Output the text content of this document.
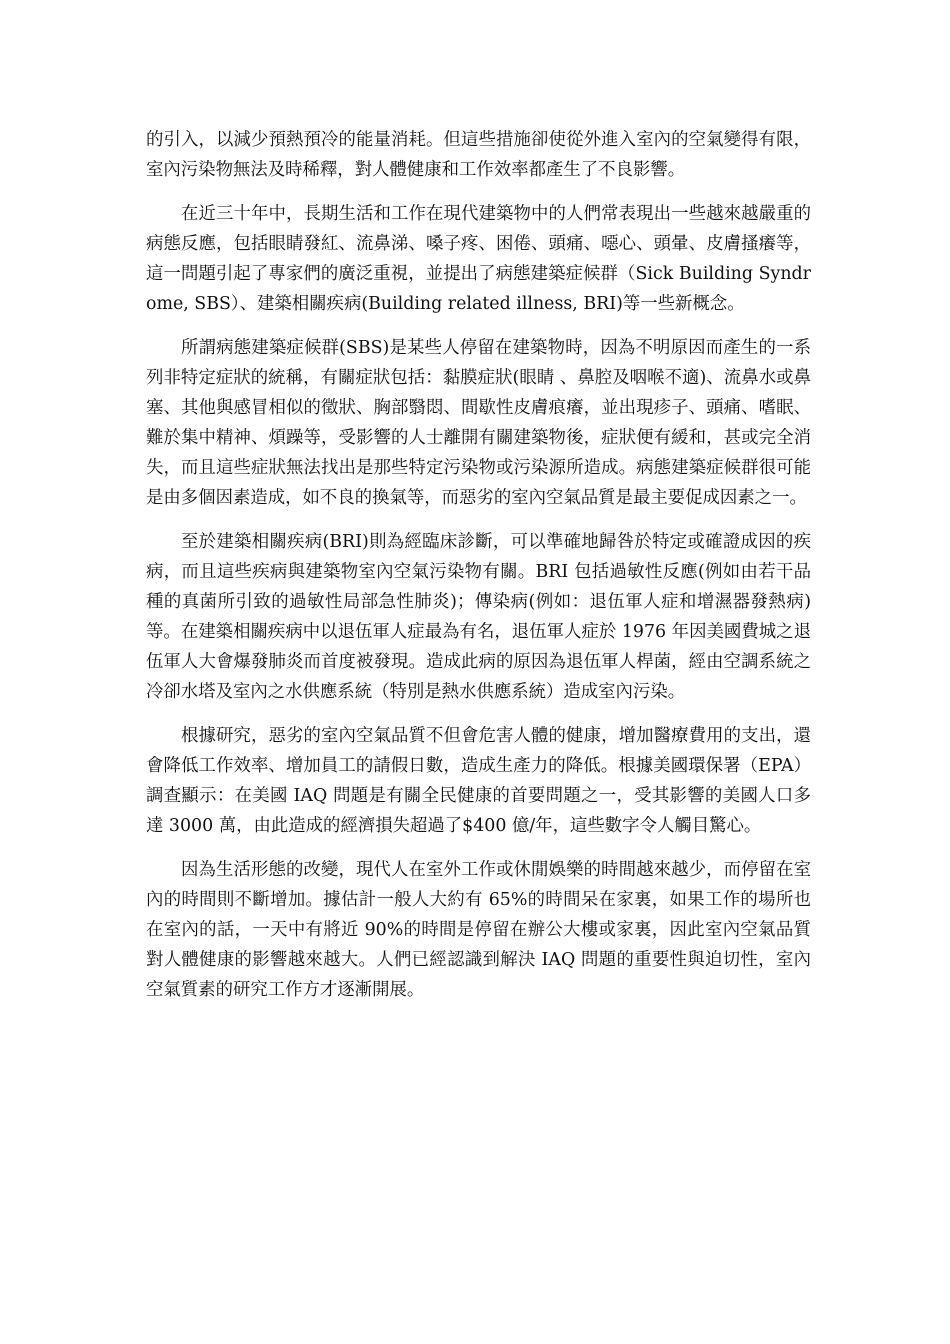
的引入，以減少預熱預冷的能量消耗。但這些措施卻使從外進入室內的空氣變得有限，室內污染物無法及時稀釋，對人體健康和工作效率都產生了不良影響。

在近三十年中，長期生活和工作在現代建築物中的人們常表現出一些越來越嚴重的病態反應，包括眼睛發紅、流鼻涕、嗓子疼、困倦、頭痛、噁心、頭暈、皮膚搔癢等，這一問題引起了專家們的廣泛重視，並提出了病態建築症候群（Sick Building Syndrome, SBS）、建築相關疾病(Building related illness, BRI)等一些新概念。

所謂病態建築症候群(SBS)是某些人停留在建築物時，因為不明原因而產生的一系列非特定症狀的統稱，有關症狀包括：黏膜症狀(眼睛 、鼻腔及咽喉不適)、流鼻水或鼻塞、其他與感冒相似的徵狀、胸部翳悶、間歇性皮膚痕癢，並出現疹子、頭痛、嗜眠、難於集中精神、煩躁等，受影響的人士離開有關建築物後，症狀便有緩和，甚或完全消失，而且這些症狀無法找出是那些特定污染物或污染源所造成。病態建築症候群很可能是由多個因素造成，如不良的換氣等，而惡劣的室內空氣品質是最主要促成因素之一。

至於建築相關疾病(BRI)則為經臨床診斷，可以準確地歸咎於特定或確證成因的疾病，而且這些疾病與建築物室內空氣污染物有關。BRI 包括過敏性反應(例如由若干品種的真菌所引致的過敏性局部急性肺炎)；傳染病(例如：退伍軍人症和增濕器發熱病)等。在建築相關疾病中以退伍軍人症最為有名，退伍軍人症於 1976 年因美國費城之退伍軍人大會爆發肺炎而首度被發現。造成此病的原因為退伍軍人桿菌，經由空調系統之冷卻水塔及室內之水供應系統（特別是熱水供應系統）造成室內污染。

根據研究，惡劣的室內空氣品質不但會危害人體的健康，增加醫療費用的支出，還會降低工作效率、增加員工的請假日數，造成生產力的降低。根據美國環保署（EPA）調查顯示：在美國 IAQ 問題是有關全民健康的首要問題之一，受其影響的美國人口多達 3000 萬，由此造成的經濟損失超過了$400 億/年，這些數字令人觸目驚心。

因為生活形態的改變，現代人在室外工作或休閒娛樂的時間越來越少，而停留在室內的時間則不斷增加。據估計一般人大約有 65%的時間呆在家裏，如果工作的場所也在室內的話，一天中有將近 90%的時間是停留在辦公大樓或家裏，因此室內空氣品質對人體健康的影響越來越大。人們已經認識到解決 IAQ 問題的重要性與迫切性，室內空氣質素的研究工作方才逐漸開展。
